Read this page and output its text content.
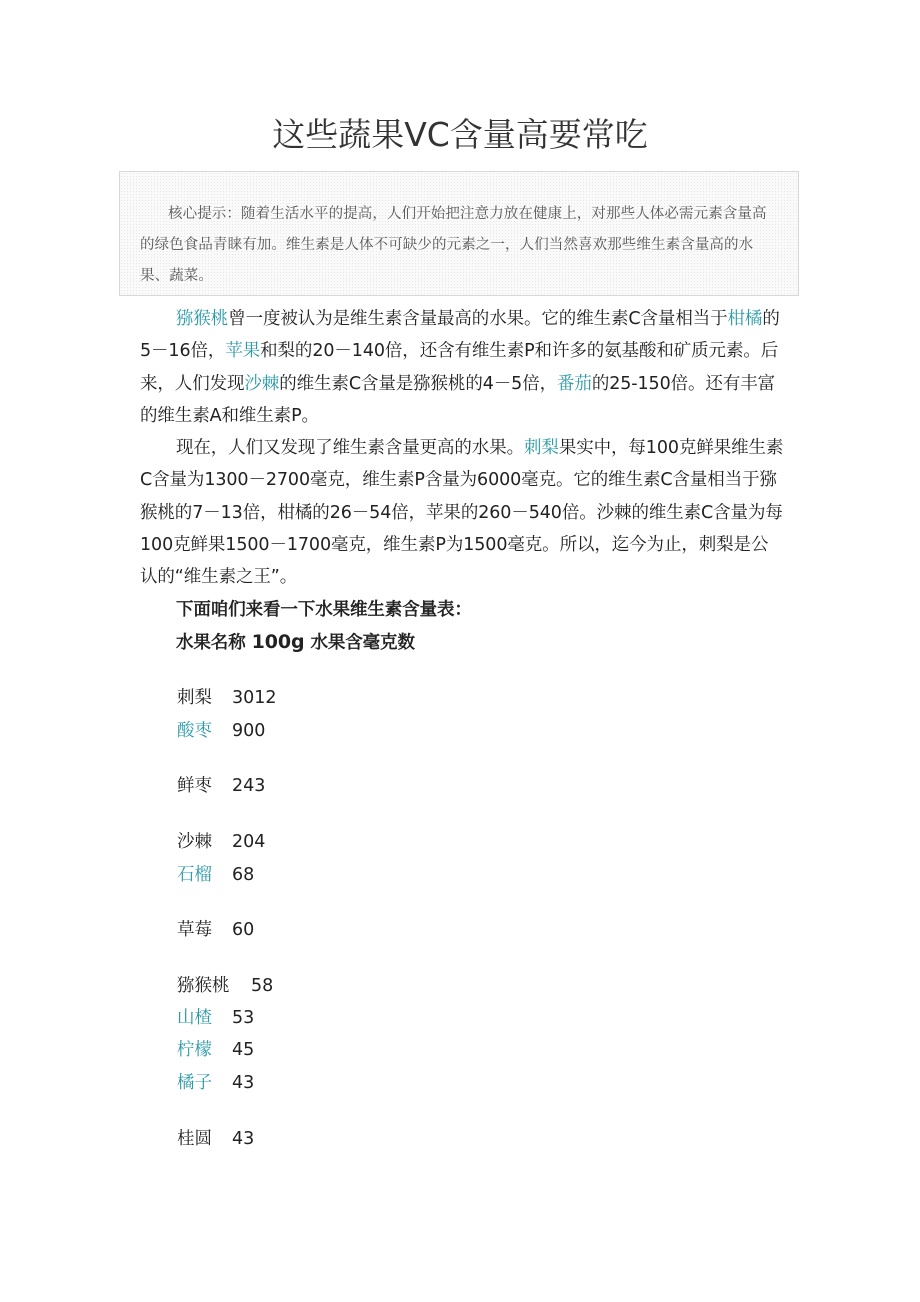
这些蔬果VC含量高要常吃

核心提示：随着生活水平的提高，人们开始把注意力放在健康上，对那些人体必需元素含量高的绿色食品青睐有加。维生素是人体不可缺少的元素之一，人们当然喜欢那些维生素含量高的水果、蔬菜。

猕猴桃曾一度被认为是维生素含量最高的水果。它的维生素C含量相当于柑橘的5－16倍，苹果和梨的20－140倍，还含有维生素P和许多的氨基酸和矿质元素。后来，人们发现沙棘的维生素C含量是猕猴桃的4－5倍，番茄的25-150倍。还有丰富的维生素A和维生素P。

现在，人们又发现了维生素含量更高的水果。刺梨果实中，每100克鲜果维生素C含量为1300－2700毫克，维生素P含量为6000毫克。它的维生素C含量相当于猕猴桃的7－13倍，柑橘的26－54倍，苹果的260－540倍。沙棘的维生素C含量为每100克鲜果1500－1700毫克，维生素P为1500毫克。所以，迄今为止，刺梨是公认的“维生素之王”。

下面咱们来看一下水果维生素含量表：

水果名称 100g 水果含毫克数

刺梨 3012
酸枣 900
鲜枣 243
沙棘 204
石榴 68
草莓 60
猕猴桃 58
山楂 53
柠檬 45
橘子 43
桂圆 43
